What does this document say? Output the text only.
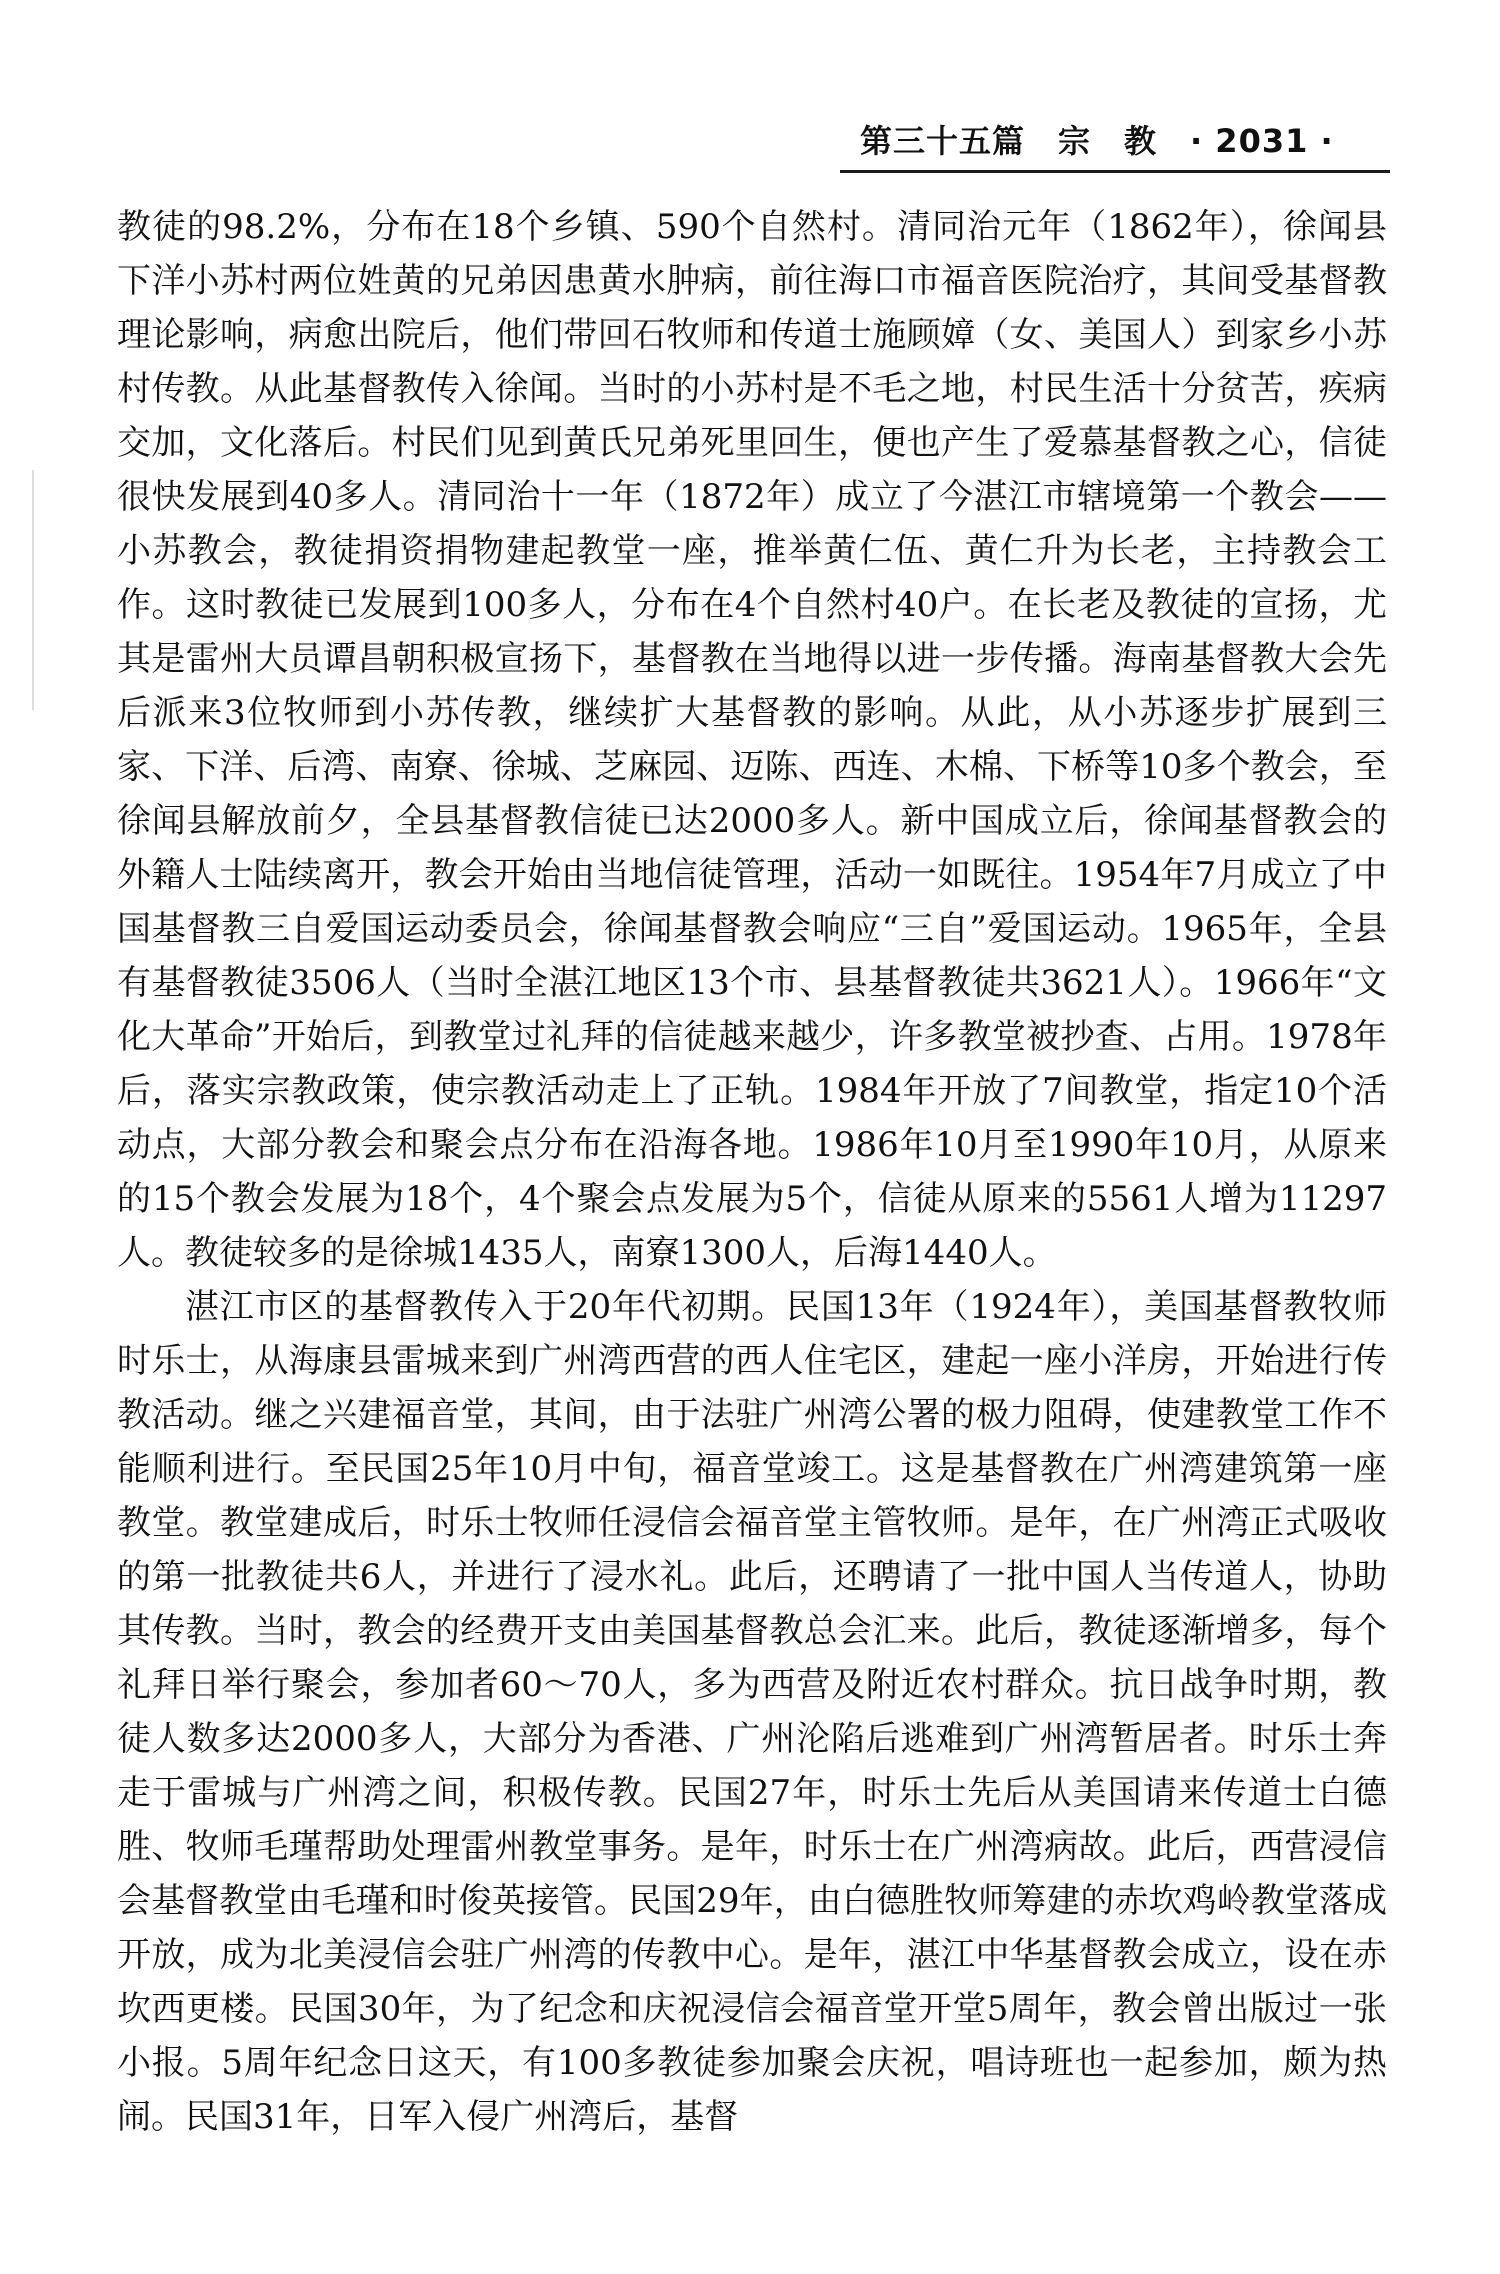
第三十五篇　宗　教　· 2031 ·

教徒的98.2%，分布在18个乡镇、590个自然村。清同治元年（1862年），徐闻县下洋小苏村两位姓黄的兄弟因患黄水肿病，前往海口市福音医院治疗，其间受基督教理论影响，病愈出院后，他们带回石牧师和传道士施顾嫜（女、美国人）到家乡小苏村传教。从此基督教传入徐闻。当时的小苏村是不毛之地，村民生活十分贫苦，疾病交加，文化落后。村民们见到黄氏兄弟死里回生，便也产生了爱慕基督教之心，信徒很快发展到40多人。清同治十一年（1872年）成立了今湛江市辖境第一个教会——小苏教会，教徒捐资捐物建起教堂一座，推举黄仁伍、黄仁升为长老，主持教会工作。这时教徒已发展到100多人，分布在4个自然村40户。在长老及教徒的宣扬，尤其是雷州大员谭昌朝积极宣扬下，基督教在当地得以进一步传播。海南基督教大会先后派来3位牧师到小苏传教，继续扩大基督教的影响。从此，从小苏逐步扩展到三家、下洋、后湾、南寮、徐城、芝麻园、迈陈、西连、木棉、下桥等10多个教会，至徐闻县解放前夕，全县基督教信徒已达2000多人。新中国成立后，徐闻基督教会的外籍人士陆续离开，教会开始由当地信徒管理，活动一如既往。1954年7月成立了中国基督教三自爱国运动委员会，徐闻基督教会响应“三自”爱国运动。1965年，全县有基督教徒3506人（当时全湛江地区13个市、县基督教徒共3621人）。1966年“文化大革命”开始后，到教堂过礼拜的信徒越来越少，许多教堂被抄查、占用。1978年后，落实宗教政策，使宗教活动走上了正轨。1984年开放了7间教堂，指定10个活动点，大部分教会和聚会点分布在沿海各地。1986年10月至1990年10月，从原来的15个教会发展为18个，4个聚会点发展为5个，信徒从原来的5561人增为11297人。教徒较多的是徐城1435人，南寮1300人，后海1440人。

湛江市区的基督教传入于20年代初期。民国13年（1924年），美国基督教牧师时乐士，从海康县雷城来到广州湾西营的西人住宅区，建起一座小洋房，开始进行传教活动。继之兴建福音堂，其间，由于法驻广州湾公署的极力阻碍，使建教堂工作不能顺利进行。至民国25年10月中旬，福音堂竣工。这是基督教在广州湾建筑第一座教堂。教堂建成后，时乐士牧师任浸信会福音堂主管牧师。是年，在广州湾正式吸收的第一批教徒共6人，并进行了浸水礼。此后，还聘请了一批中国人当传道人，协助其传教。当时，教会的经费开支由美国基督教总会汇来。此后，教徒逐渐增多，每个礼拜日举行聚会，参加者60～70人，多为西营及附近农村群众。抗日战争时期，教徒人数多达2000多人，大部分为香港、广州沦陷后逃难到广州湾暂居者。时乐士奔走于雷城与广州湾之间，积极传教。民国27年，时乐士先后从美国请来传道士白德胜、牧师毛瑾帮助处理雷州教堂事务。是年，时乐士在广州湾病故。此后，西营浸信会基督教堂由毛瑾和时俊英接管。民国29年，由白德胜牧师筹建的赤坎鸡岭教堂落成开放，成为北美浸信会驻广州湾的传教中心。是年，湛江中华基督教会成立，设在赤坎西更楼。民国30年，为了纪念和庆祝浸信会福音堂开堂5周年，教会曾出版过一张小报。5周年纪念日这天，有100多教徒参加聚会庆祝，唱诗班也一起参加，颇为热闹。民国31年，日军入侵广州湾后，基督
